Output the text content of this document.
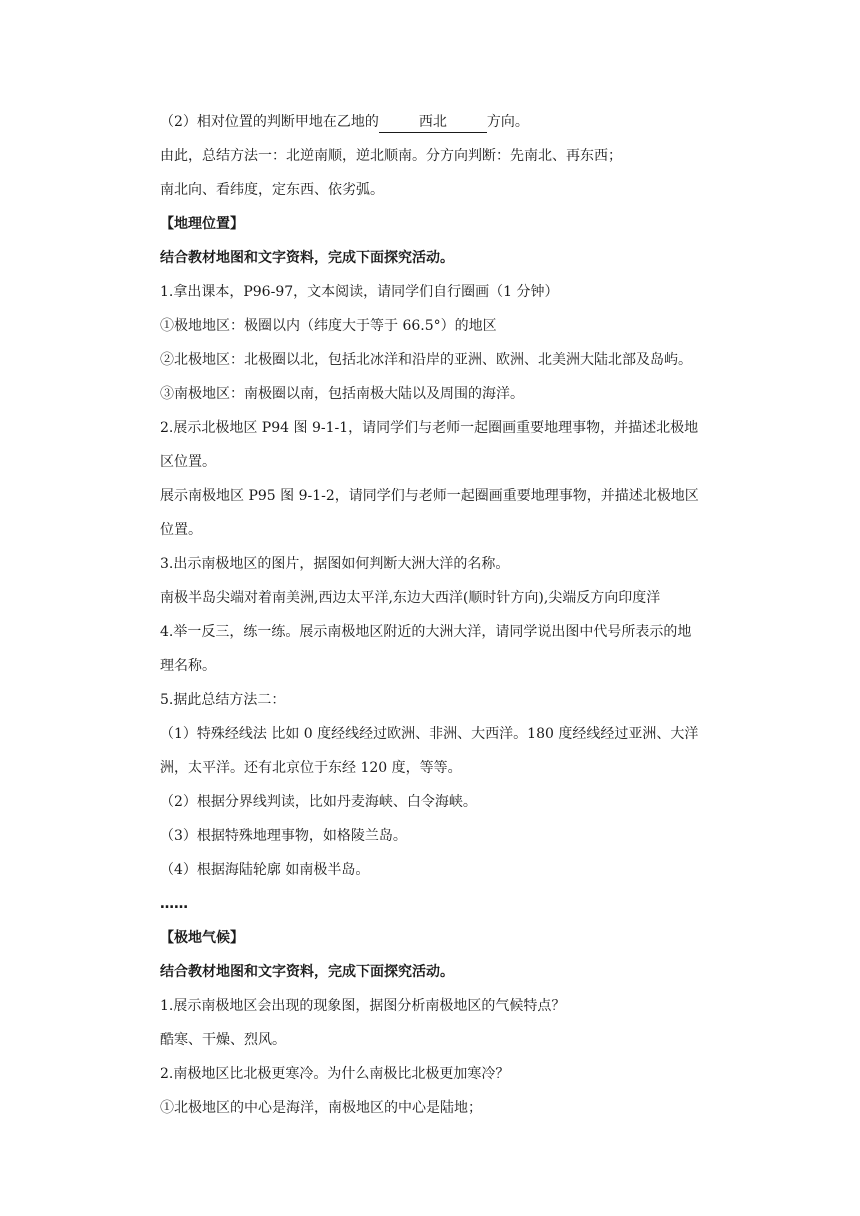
（2）相对位置的判断甲地在乙地的	西北	方向。
由此，总结方法一：北逆南顺，逆北顺南。分方向判断：先南北、再东西；
南北向、看纬度，定东西、依劣弧。
【地理位置】
结合教材地图和文字资料，完成下面探究活动。
1.拿出课本，P96-97，文本阅读，请同学们自行圈画（1 分钟）
①极地地区：极圈以内（纬度大于等于 66.5°）的地区
②北极地区：北极圈以北，包括北冰洋和沿岸的亚洲、欧洲、北美洲大陆北部及岛屿。
③南极地区：南极圈以南，包括南极大陆以及周围的海洋。
2.展示北极地区 P94 图 9-1-1，请同学们与老师一起圈画重要地理事物，并描述北极地
区位置。
展示南极地区 P95 图 9-1-2，请同学们与老师一起圈画重要地理事物，并描述北极地区
位置。
3.出示南极地区的图片，据图如何判断大洲大洋的名称。
南极半岛尖端对着南美洲,西边太平洋,东边大西洋(顺时针方向),尖端反方向印度洋
4.举一反三，练一练。展示南极地区附近的大洲大洋，请同学说出图中代号所表示的地
理名称。
5.据此总结方法二：
（1）特殊经线法 比如 0 度经线经过欧洲、非洲、大西洋。180 度经线经过亚洲、大洋
洲，太平洋。还有北京位于东经 120 度，等等。
（2）根据分界线判读，比如丹麦海峡、白令海峡。
（3）根据特殊地理事物，如格陵兰岛。
（4）根据海陆轮廓 如南极半岛。
……
【极地气候】
结合教材地图和文字资料，完成下面探究活动。
1.展示南极地区会出现的现象图，据图分析南极地区的气候特点？
酷寒、干燥、烈风。
2.南极地区比北极更寒冷。为什么南极比北极更加寒冷？
①北极地区的中心是海洋，南极地区的中心是陆地；
